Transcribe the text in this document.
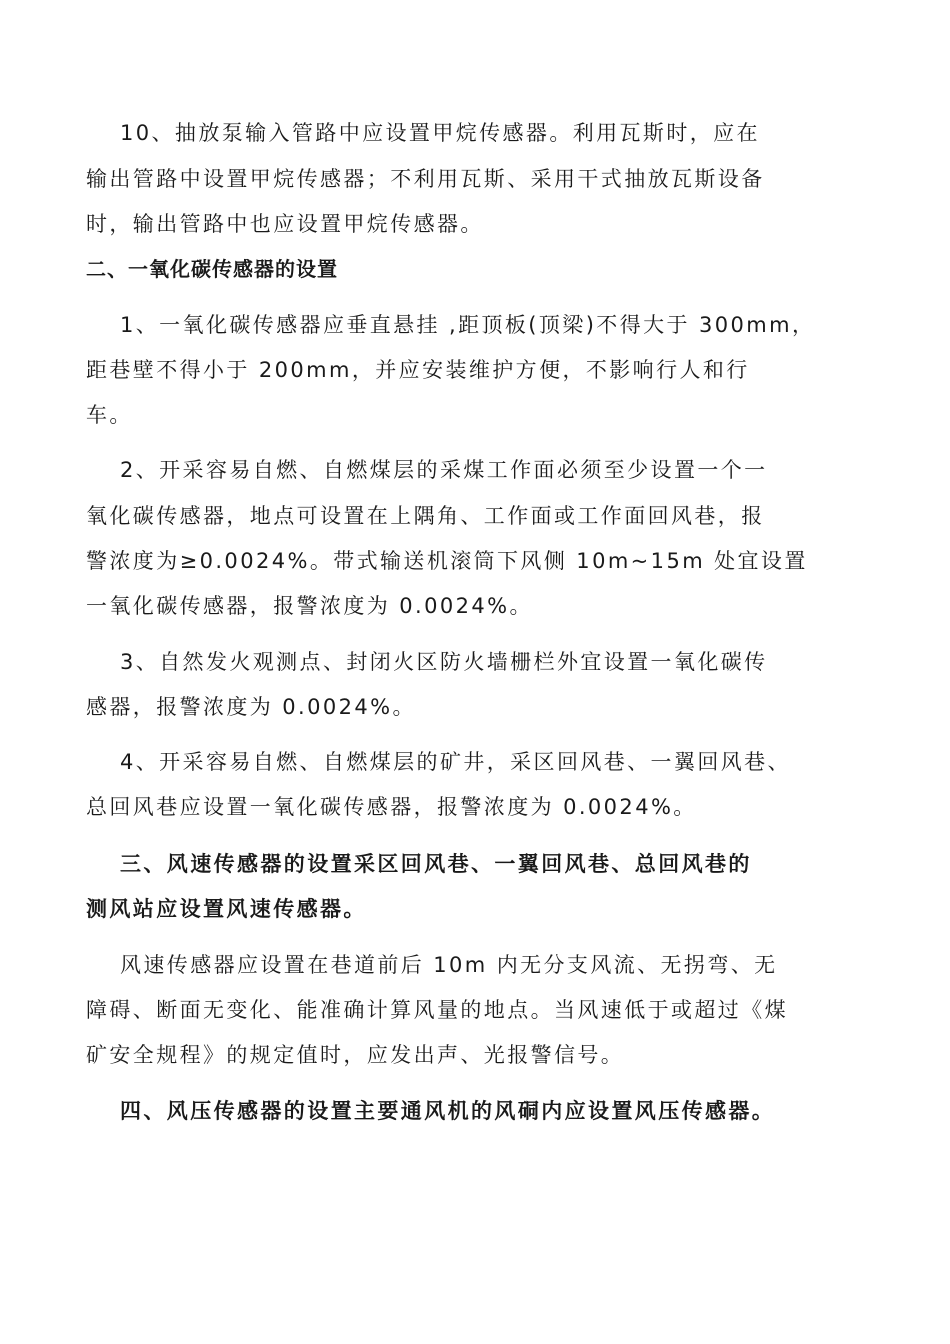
10、抽放泵输入管路中应设置甲烷传感器。利用瓦斯时，应在
输出管路中设置甲烷传感器；不利用瓦斯、采用干式抽放瓦斯设备
时，输出管路中也应设置甲烷传感器。
二、一氧化碳传感器的设置
1、一氧化碳传感器应垂直悬挂 ,距顶板(顶梁)不得大于 300mm，
距巷壁不得小于 200mm，并应安装维护方便，不影响行人和行
车。
2、开采容易自燃、自燃煤层的采煤工作面必须至少设置一个一
氧化碳传感器，地点可设置在上隅角、工作面或工作面回风巷，报
警浓度为≥0.0024%。带式输送机滚筒下风侧 10m~15m 处宜设置
一氧化碳传感器，报警浓度为 0.0024%。
3、自然发火观测点、封闭火区防火墙栅栏外宜设置一氧化碳传
感器，报警浓度为 0.0024%。
4、开采容易自燃、自燃煤层的矿井，采区回风巷、一翼回风巷、
总回风巷应设置一氧化碳传感器，报警浓度为 0.0024%。
三、风速传感器的设置采区回风巷、一翼回风巷、总回风巷的
测风站应设置风速传感器。
风速传感器应设置在巷道前后 10m 内无分支风流、无拐弯、无
障碍、断面无变化、能准确计算风量的地点。当风速低于或超过《煤
矿安全规程》的规定值时，应发出声、光报警信号。
四、风压传感器的设置主要通风机的风硐内应设置风压传感器。
